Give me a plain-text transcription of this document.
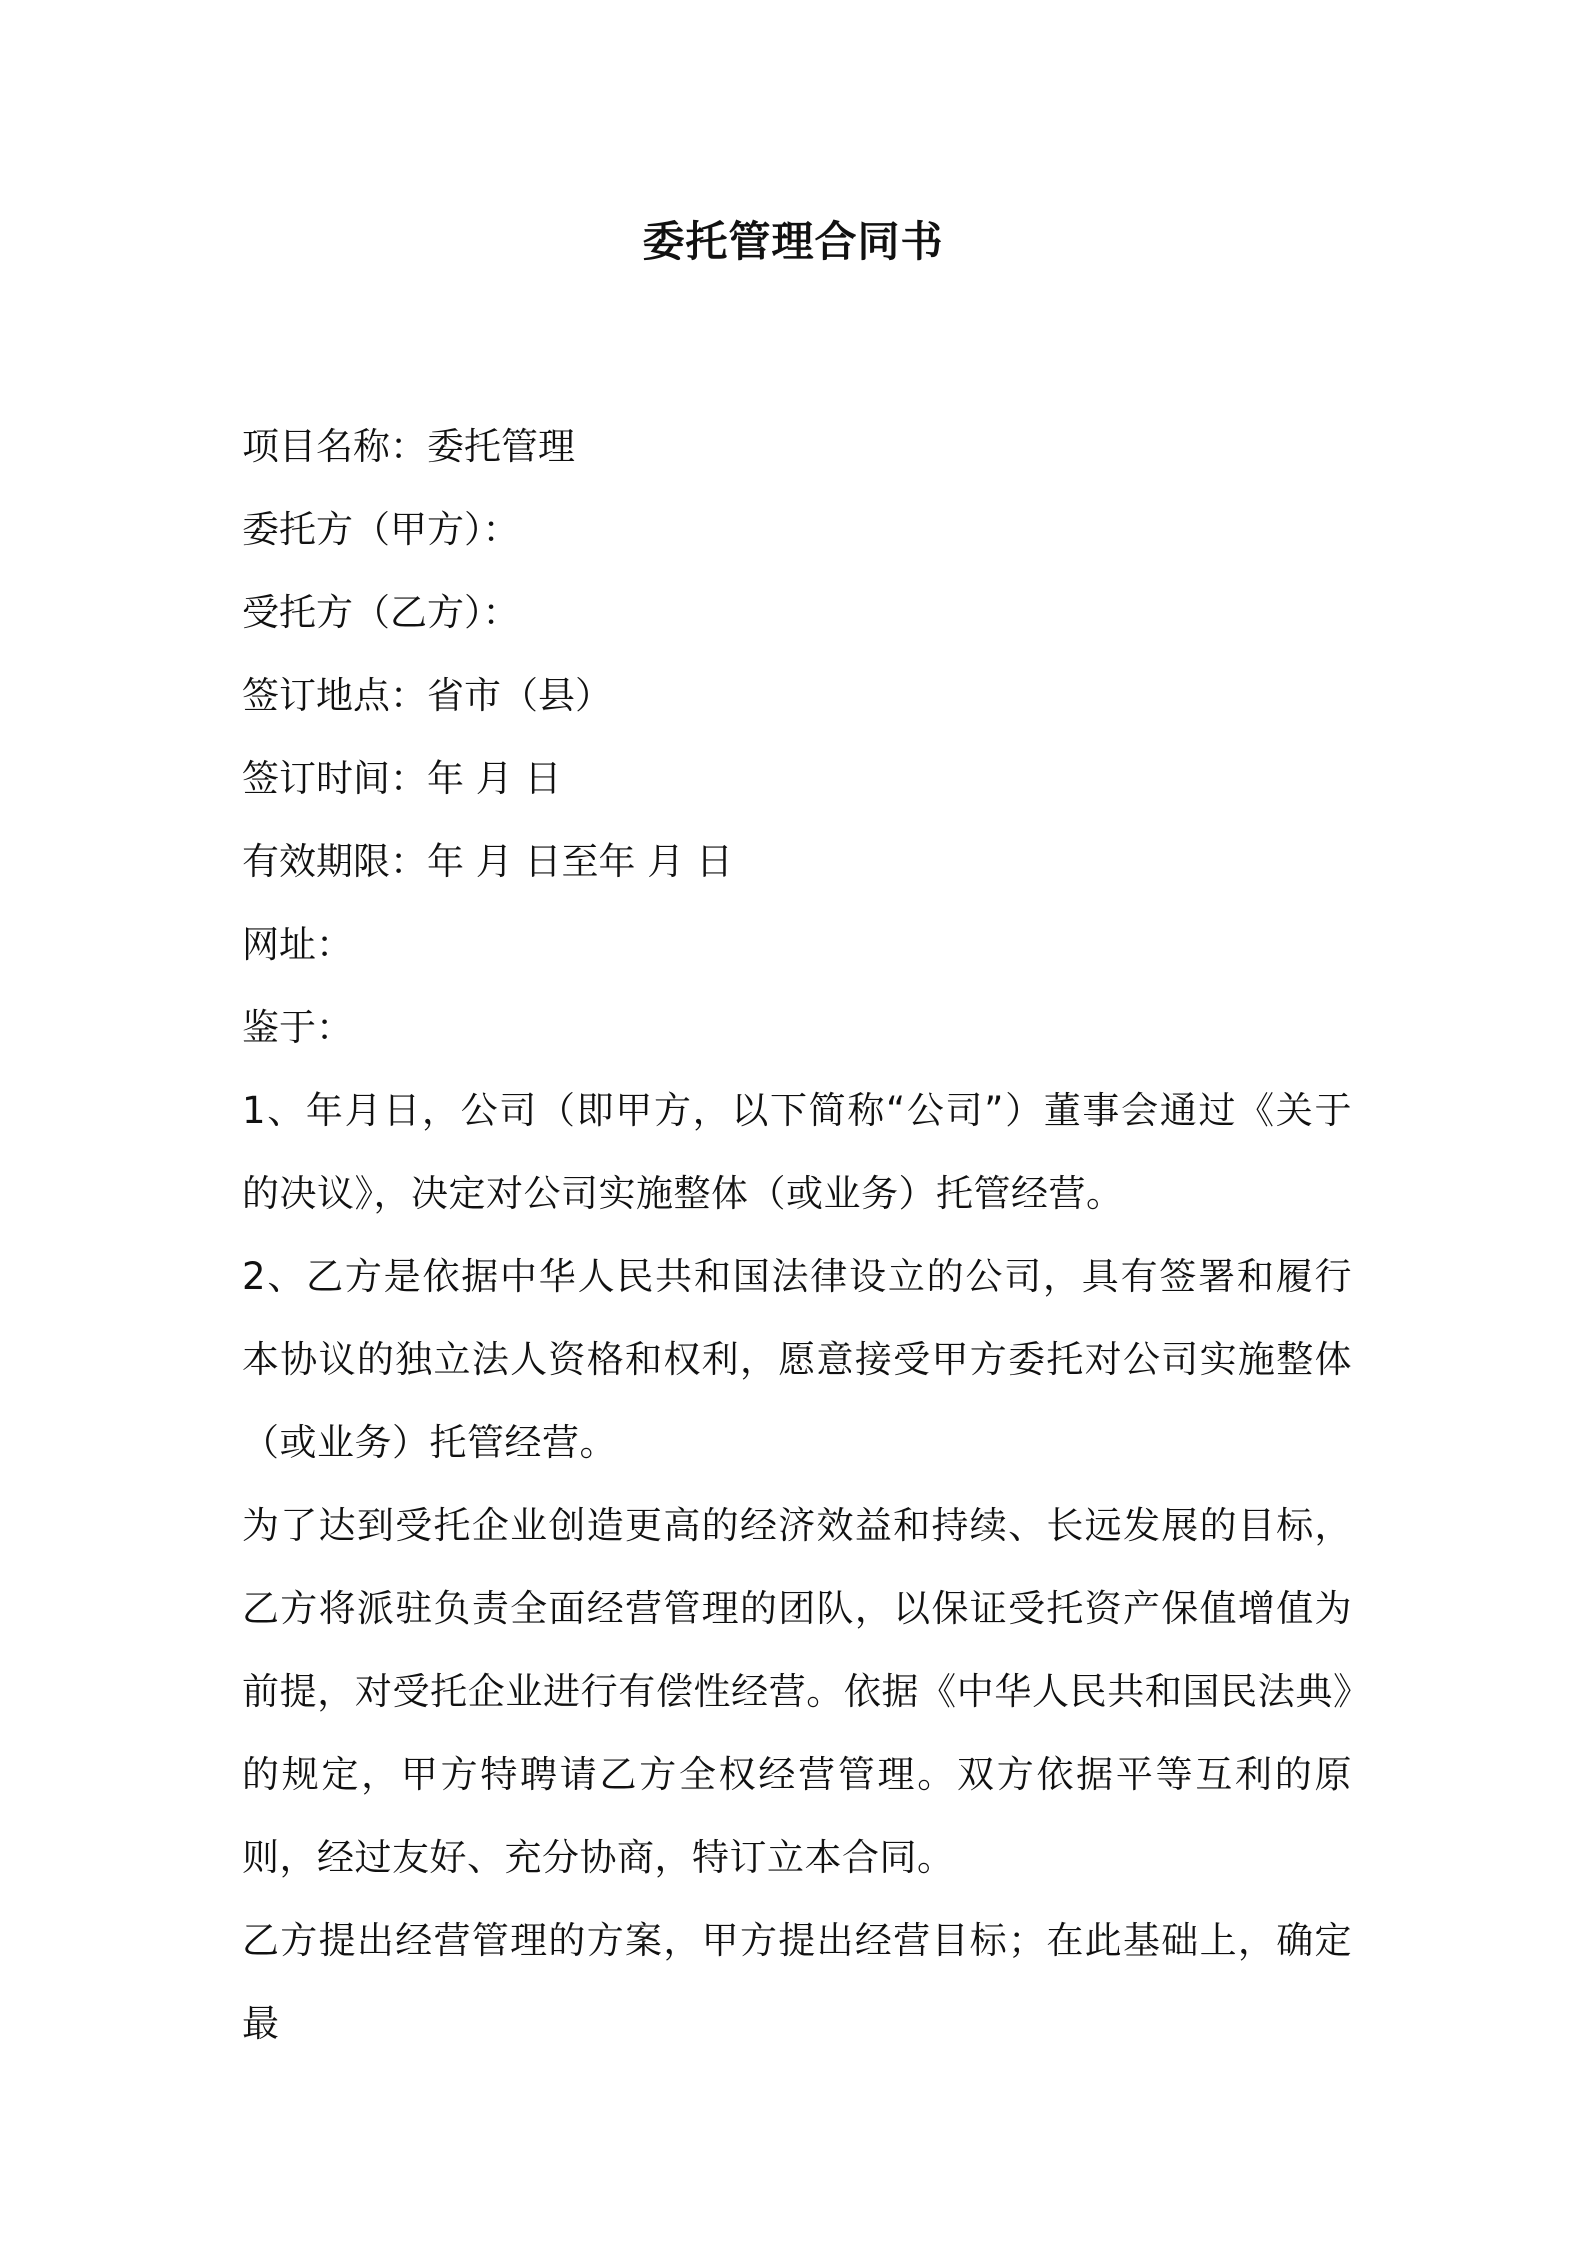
委托管理合同书

项目名称：委托管理

委托方（甲方）：

受托方（乙方）：

签订地点：省市（县）

签订时间：年 月 日

有效期限：年 月 日至年 月 日

网址：

鉴于：

1、年月日，公司（即甲方，以下简称“公司”）董事会通过《关于的决议》，决定对公司实施整体（或业务）托管经营。

2、乙方是依据中华人民共和国法律设立的公司，具有签署和履行本协议的独立法人资格和权利，愿意接受甲方委托对公司实施整体（或业务）托管经营。

为了达到受托企业创造更高的经济效益和持续、长远发展的目标，乙方将派驻负责全面经营管理的团队，以保证受托资产保值增值为前提，对受托企业进行有偿性经营。依据《中华人民共和国民法典》的规定，甲方特聘请乙方全权经营管理。双方依据平等互利的原则，经过友好、充分协商，特订立本合同。

乙方提出经营管理的方案，甲方提出经营目标；在此基础上，确定最
